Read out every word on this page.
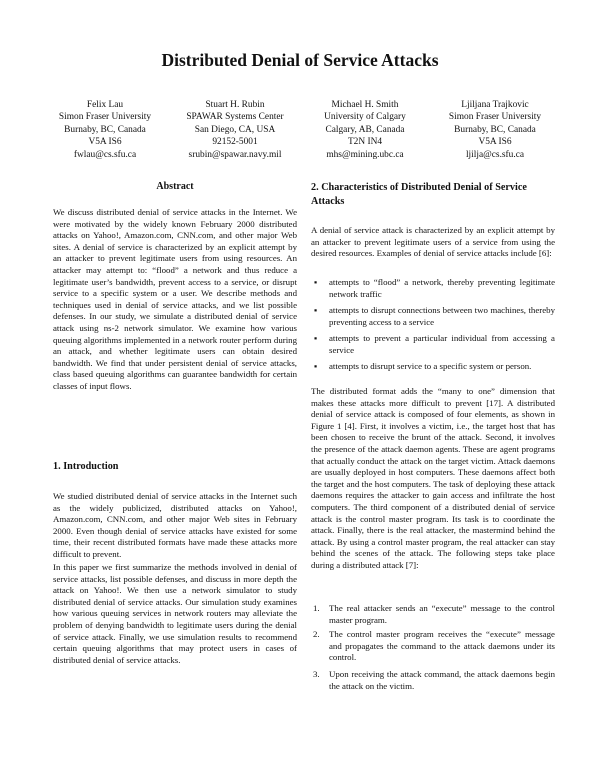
Distributed Denial of Service Attacks
Felix Lau
Simon Fraser University
Burnaby, BC, Canada
V5A IS6
fwlau@cs.sfu.ca
Stuart H. Rubin
SPAWAR Systems Center
San Diego, CA, USA
92152-5001
srubin@spawar.navy.mil
Michael H. Smith
University of Calgary
Calgary, AB, Canada
T2N IN4
mhs@mining.ubc.ca
Ljiljana Trajkovic
Simon Fraser University
Burnaby, BC, Canada
V5A IS6
ljilja@cs.sfu.ca
Abstract

We discuss distributed denial of service attacks in the Internet. We were motivated by the widely known February 2000 distributed attacks on Yahoo!, Amazon.com, CNN.com, and other major Web sites. A denial of service is characterized by an explicit attempt by an attacker to prevent legitimate users from using resources. An attacker may attempt to: “flood” a network and thus reduce a legitimate user’s bandwidth, prevent access to a service, or disrupt service to a specific system or a user. We describe methods and techniques used in denial of service attacks, and we list possible defenses. In our study, we simulate a distributed denial of service attack using ns-2 network simulator. We examine how various queuing algorithms implemented in a network router perform during an attack, and whether legitimate users can obtain desired bandwidth. We find that under persistent denial of service attacks, class based queuing algorithms can guarantee bandwidth for certain classes of input flows.

1. Introduction

We studied distributed denial of service attacks in the Internet such as the widely publicized, distributed attacks on Yahoo!, Amazon.com, CNN.com, and other major Web sites in February 2000. Even though denial of service attacks have existed for some time, their recent distributed formats have made these attacks more difficult to prevent.

In this paper we first summarize the methods involved in denial of service attacks, list possible defenses, and discuss in more depth the attack on Yahoo!. We then use a network simulator to study distributed denial of service attacks. Our simulation study examines how various queuing services in network routers may alleviate the problem of denying bandwidth to legitimate users during the denial of service attack. Finally, we use simulation results to recommend certain queuing algorithms that may protect users in cases of distributed denial of service attacks.

2. Characteristics of Distributed Denial of Service Attacks

A denial of service attack is characterized by an explicit attempt by an attacker to prevent legitimate users of a service from using the desired resources. Examples of denial of service attacks include [6]:

▪ attempts to “flood” a network, thereby preventing legitimate network traffic
▪ attempts to disrupt connections between two machines, thereby preventing access to a service
▪ attempts to prevent a particular individual from accessing a service
▪ attempts to disrupt service to a specific system or person.

The distributed format adds the “many to one” dimension that makes these attacks more difficult to prevent [17]. A distributed denial of service attack is composed of four elements, as shown in Figure 1 [4]. First, it involves a victim, i.e., the target host that has been chosen to receive the brunt of the attack. Second, it involves the presence of the attack daemon agents. These are agent programs that actually conduct the attack on the target victim. Attack daemons are usually deployed in host computers. These daemons affect both the target and the host computers. The task of deploying these attack daemons requires the attacker to gain access and infiltrate the host computers. The third component of a distributed denial of service attack is the control master program. Its task is to coordinate the attack. Finally, there is the real attacker, the mastermind behind the attack. By using a control master program, the real attacker can stay behind the scenes of the attack. The following steps take place during a distributed attack [7]:

1. The real attacker sends an “execute” message to the control master program.
2. The control master program receives the “execute” message and propagates the command to the attack daemons under its control.
3. Upon receiving the attack command, the attack daemons begin the attack on the victim.
